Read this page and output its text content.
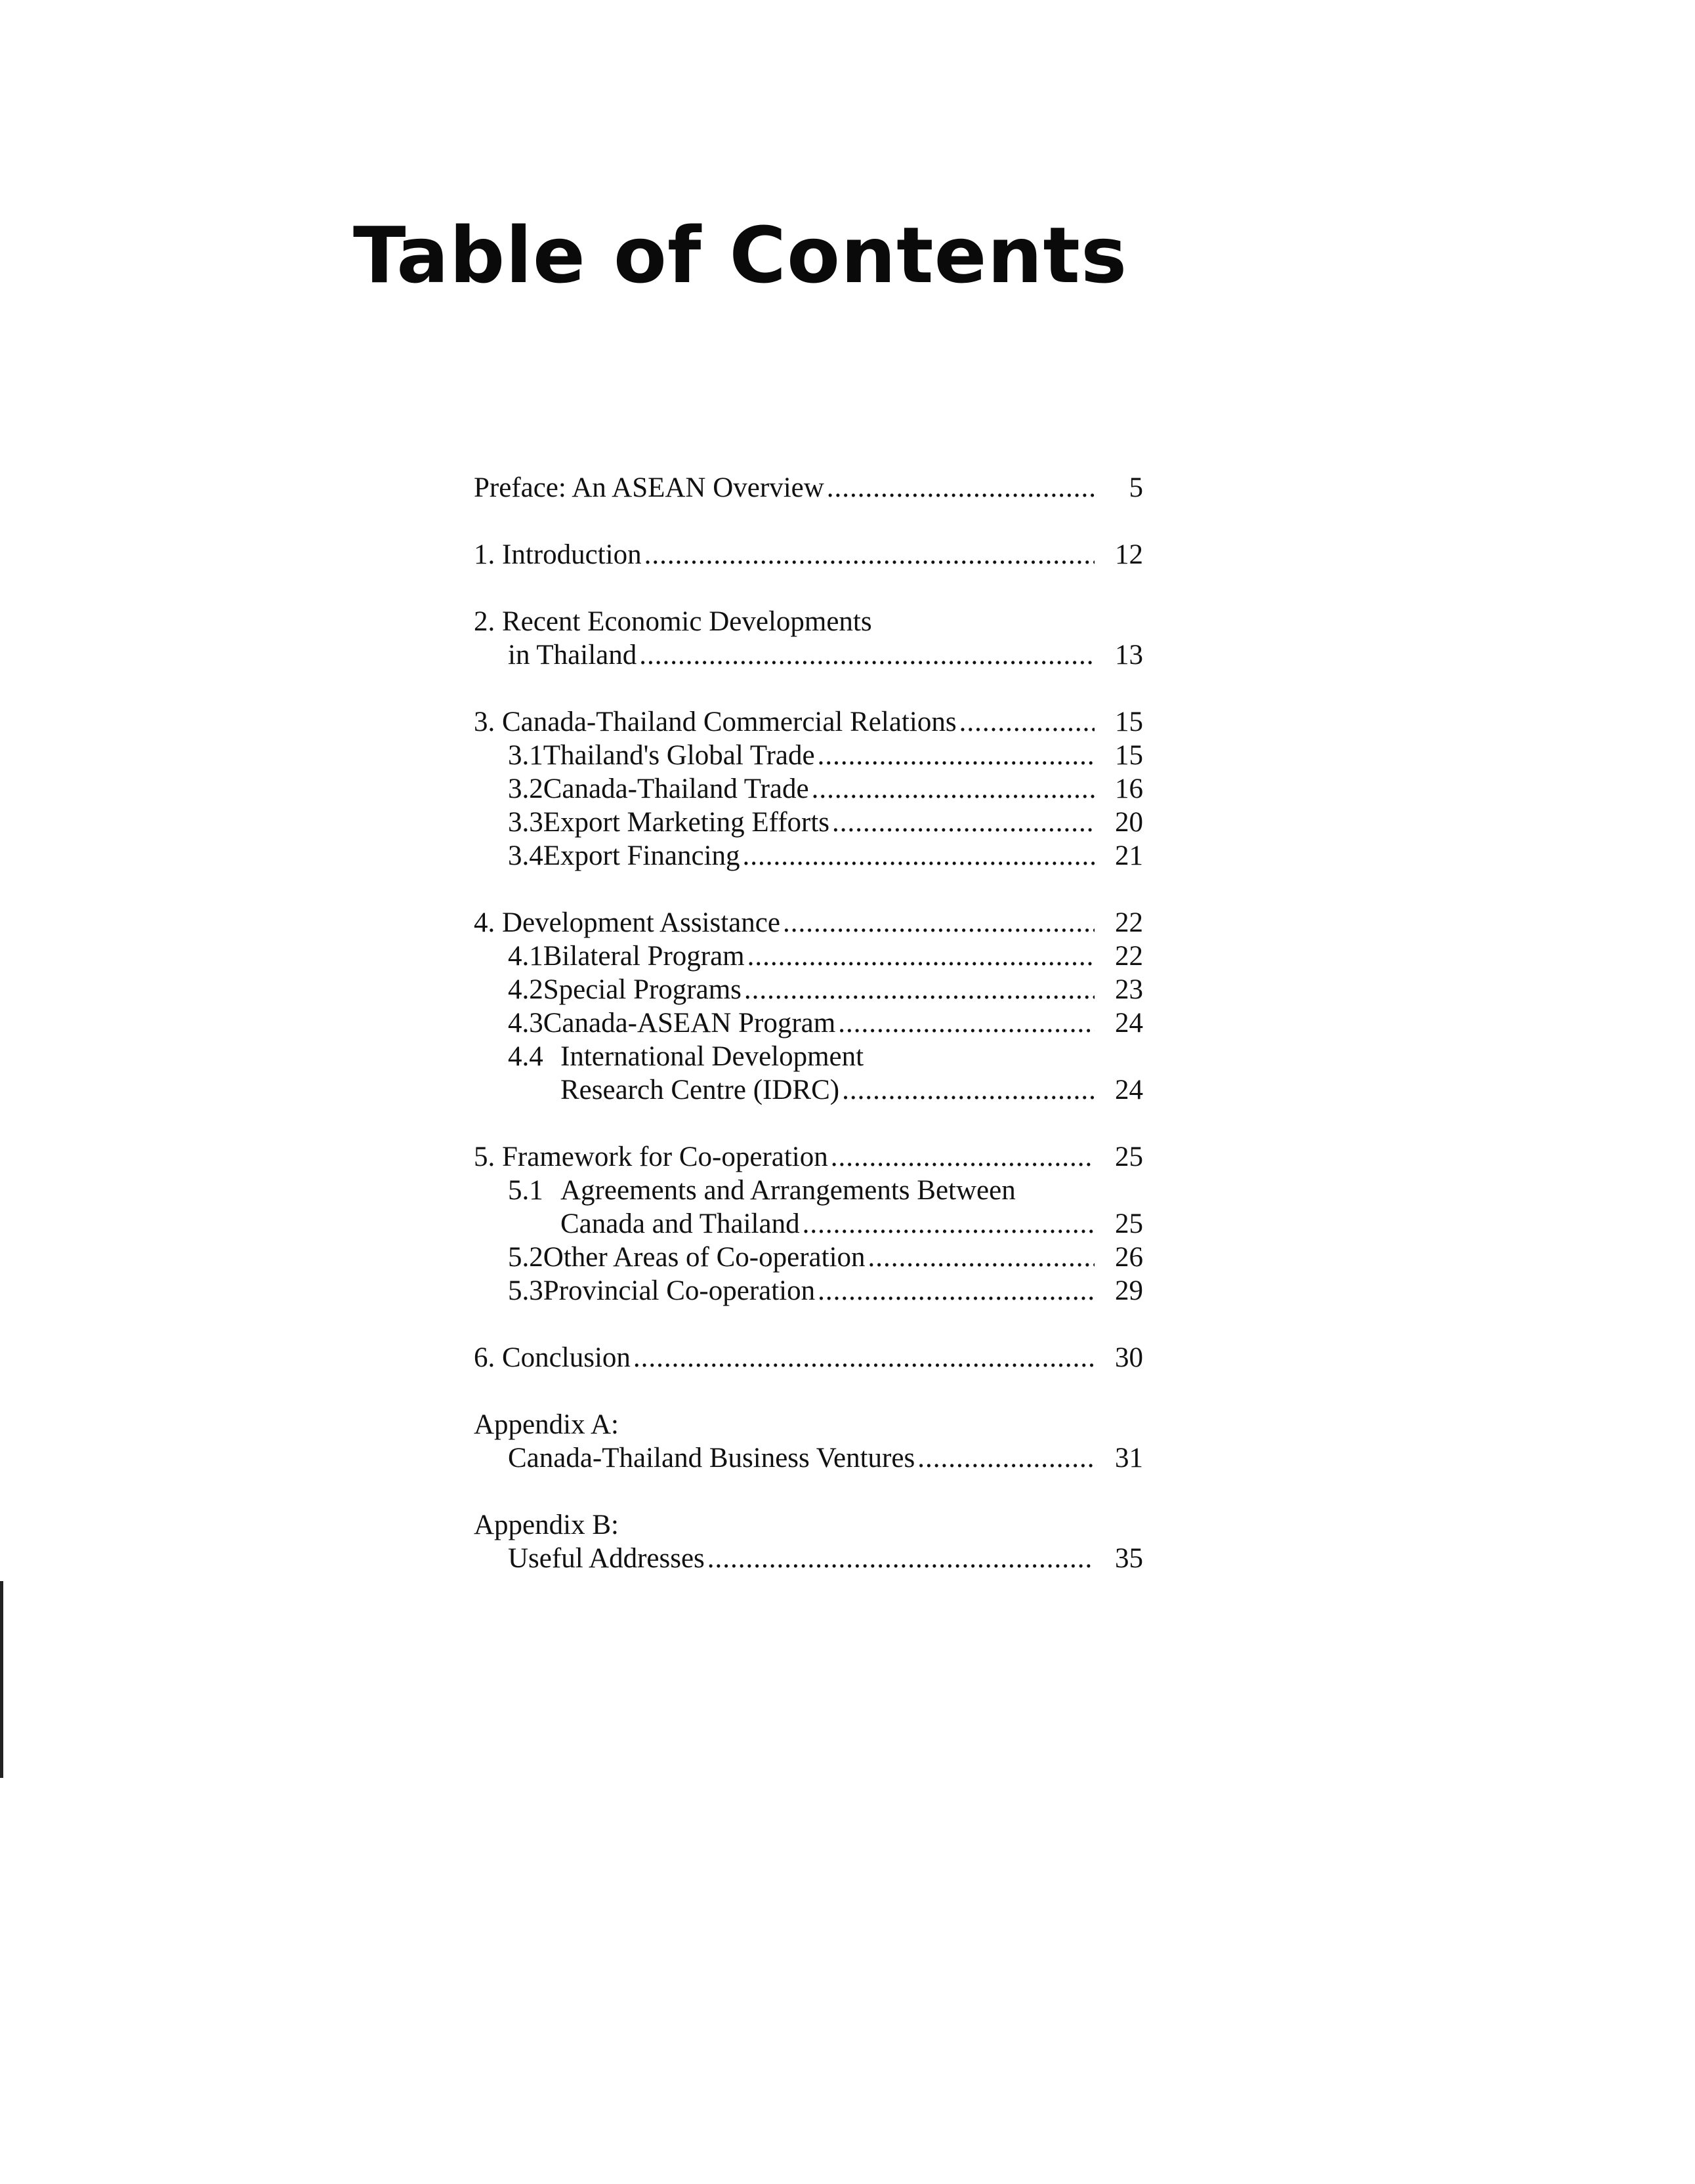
Table of Contents
Preface: An ASEAN Overview .....	5
1. Introduction .....	12
2. Recent Economic Developments
in Thailand .....	13
3. Canada-Thailand Commercial Relations .....	15
3.1 Thailand's Global Trade .....	15
3.2 Canada-Thailand Trade .....	16
3.3 Export Marketing Efforts .....	20
3.4 Export Financing .....	21
4. Development Assistance .....	22
4.1 Bilateral Program .....	22
4.2 Special Programs .....	23
4.3 Canada-ASEAN Program .....	24
4.4 International Development
Research Centre (IDRC) .....	24
5. Framework for Co-operation .....	25
5.1 Agreements and Arrangements Between
Canada and Thailand .....	25
5.2 Other Areas of Co-operation .....	26
5.3 Provincial Co-operation .....	29
6. Conclusion .....	30
Appendix A:
Canada-Thailand Business Ventures .....	31
Appendix B:
Useful Addresses .....	35
